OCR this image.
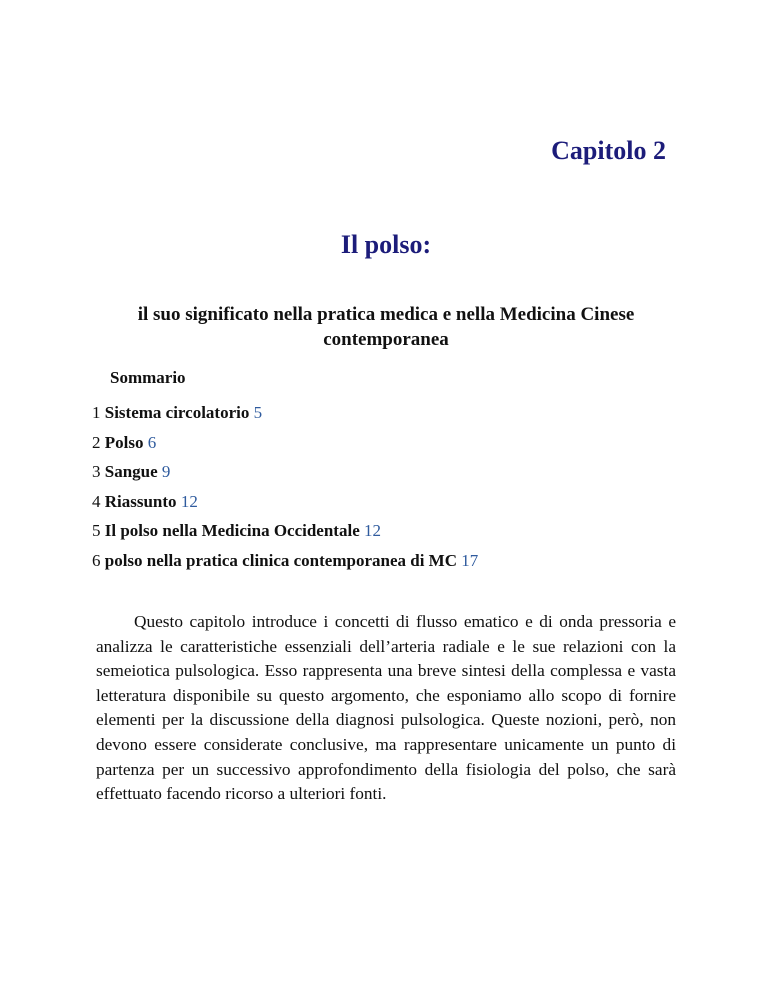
Capitolo 2
Il polso:
il suo significato nella pratica medica e nella Medicina Cinese contemporanea
Sommario
1 Sistema circolatorio 5
2 Polso 6
3 Sangue 9
4 Riassunto 12
5 Il polso nella Medicina Occidentale 12
6 polso nella pratica clinica contemporanea di MC 17

Questo capitolo introduce i concetti di flusso ematico e di onda pressoria e analizza le caratteristiche essenziali dell’arteria radiale e le sue relazioni con la semeiotica pulsologica. Esso rappresenta una breve sintesi della complessa e vasta letteratura disponibile su questo argomento, che esponiamo allo scopo di fornire elementi per la discussione della diagnosi pulsologica. Queste nozioni, però, non devono essere considerate conclusive, ma rappresentare unicamente un punto di partenza per un successivo approfondimento della fisiologia del polso, che sarà effettuato facendo ricorso a ulteriori fonti.
